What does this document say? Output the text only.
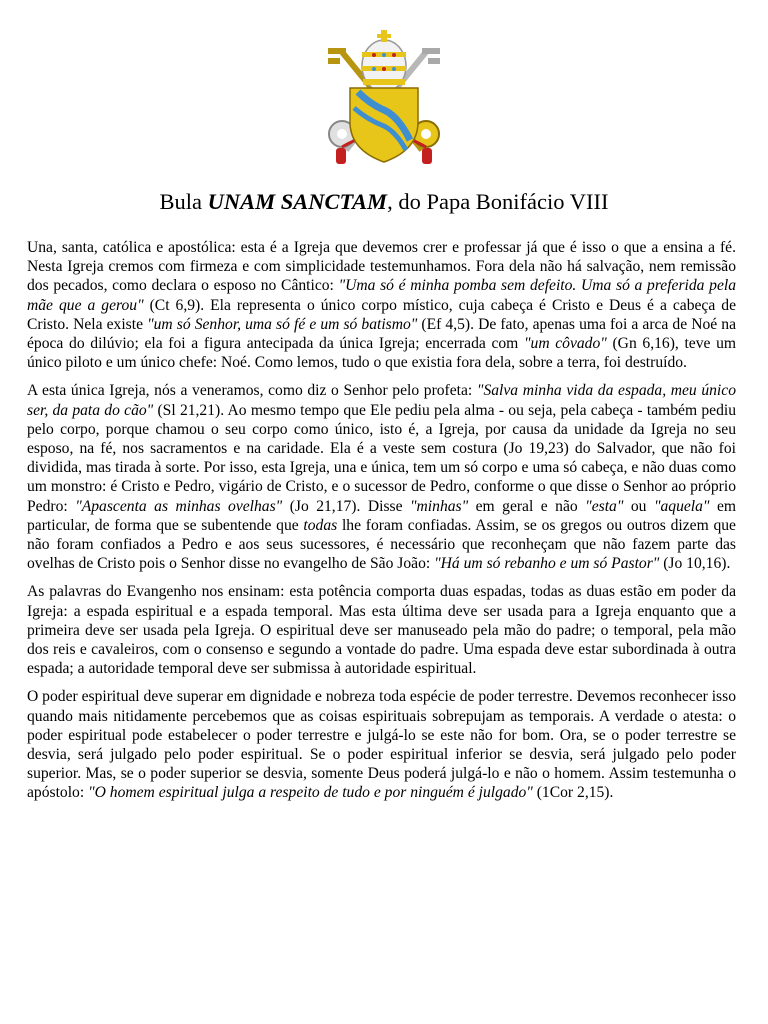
Bula UNAM SANCTAM, do Papa Bonifácio VIII

Una, santa, católica e apostólica: esta é a Igreja que devemos crer e professar já que é isso o que a ensina a fé. Nesta Igreja cremos com firmeza e com simplicidade testemunhamos. Fora dela não há salvação, nem remissão dos pecados, como declara o esposo no Cântico: "Uma só é minha pomba sem defeito. Uma só a preferida pela mãe que a gerou" (Ct 6,9). Ela representa o único corpo místico, cuja cabeça é Cristo e Deus é a cabeça de Cristo. Nela existe "um só Senhor, uma só fé e um só batismo" (Ef 4,5). De fato, apenas uma foi a arca de Noé na época do dilúvio; ela foi a figura antecipada da única Igreja; encerrada com "um côvado" (Gn 6,16), teve um único piloto e um único chefe: Noé. Como lemos, tudo o que existia fora dela, sobre a terra, foi destruído.

A esta única Igreja, nós a veneramos, como diz o Senhor pelo profeta: "Salva minha vida da espada, meu único ser, da pata do cão" (Sl 21,21). Ao mesmo tempo que Ele pediu pela alma - ou seja, pela cabeça - também pediu pelo corpo, porque chamou o seu corpo como único, isto é, a Igreja, por causa da unidade da Igreja no seu esposo, na fé, nos sacramentos e na caridade. Ela é a veste sem costura (Jo 19,23) do Salvador, que não foi dividida, mas tirada à sorte. Por isso, esta Igreja, una e única, tem um só corpo e uma só cabeça, e não duas como um monstro: é Cristo e Pedro, vigário de Cristo, e o sucessor de Pedro, conforme o que disse o Senhor ao próprio Pedro: "Apascenta as minhas ovelhas" (Jo 21,17). Disse "minhas" em geral e não "esta" ou "aquela" em particular, de forma que se subentende que todas lhe foram confiadas. Assim, se os gregos ou outros dizem que não foram confiados a Pedro e aos seus sucessores, é necessário que reconheçam que não fazem parte das ovelhas de Cristo pois o Senhor disse no evangelho de São João: "Há um só rebanho e um só Pastor" (Jo 10,16).

As palavras do Evangenho nos ensinam: esta potência comporta duas espadas, todas as duas estão em poder da Igreja: a espada espiritual e a espada temporal. Mas esta última deve ser usada para a Igreja enquanto que a primeira deve ser usada pela Igreja. O espiritual deve ser manuseado pela mão do padre; o temporal, pela mão dos reis e cavaleiros, com o consenso e segundo a vontade do padre. Uma espada deve estar subordinada à outra espada; a autoridade temporal deve ser submissa à autoridade espiritual.

O poder espiritual deve superar em dignidade e nobreza toda espécie de poder terrestre. Devemos reconhecer isso quando mais nitidamente percebemos que as coisas espirituais sobrepujam as temporais. A verdade o atesta: o poder espiritual pode estabelecer o poder terrestre e julgá-lo se este não for bom. Ora, se o poder terrestre se desvia, será julgado pelo poder espiritual. Se o poder espiritual inferior se desvia, será julgado pelo poder superior. Mas, se o poder superior se desvia, somente Deus poderá julgá-lo e não o homem. Assim testemunha o apóstolo: "O homem espiritual julga a respeito de tudo e por ninguém é julgado" (1Cor 2,15).
